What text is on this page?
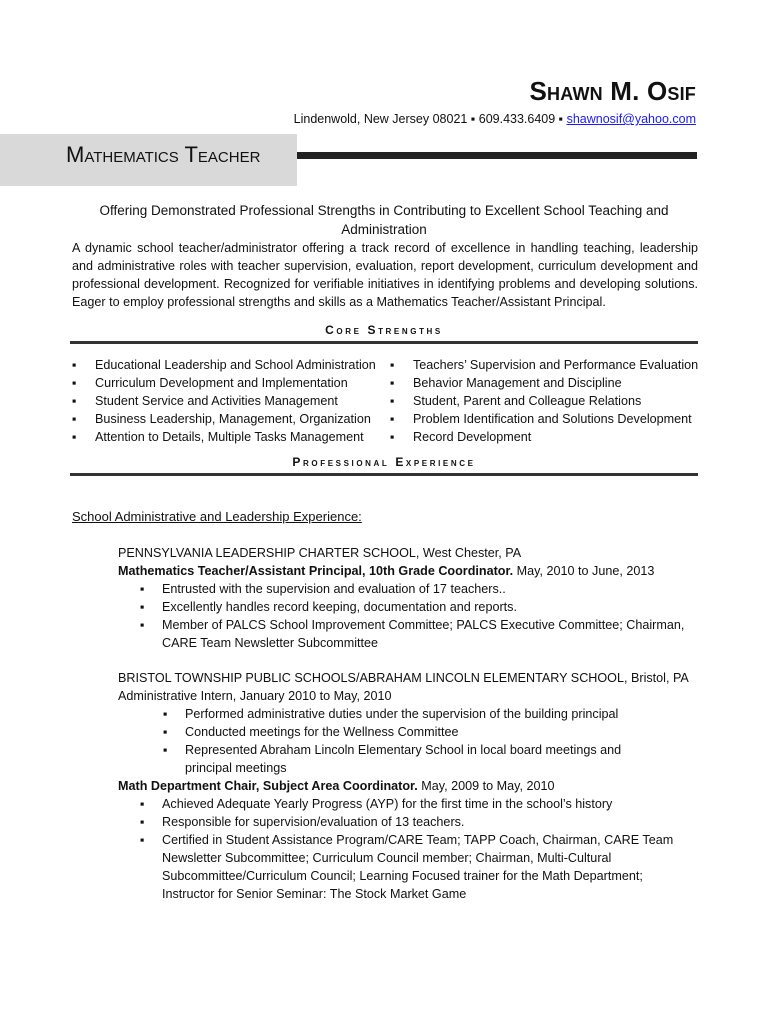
Shawn M. Osif
Lindenwold, New Jersey 08021 ▪ 609.433.6409 ▪ shawnosif@yahoo.com
Mathematics Teacher
Offering Demonstrated Professional Strengths in Contributing to Excellent School Teaching and Administration
A dynamic school teacher/administrator offering a track record of excellence in handling teaching, leadership and administrative roles with teacher supervision, evaluation, report development, curriculum development and professional development. Recognized for verifiable initiatives in identifying problems and developing solutions. Eager to employ professional strengths and skills as a Mathematics Teacher/Assistant Principal.
Core Strengths
▪	Educational Leadership and School Administration
▪	Curriculum Development and Implementation
▪	Student Service and Activities Management
▪	Business Leadership, Management, Organization
▪	Attention to Details, Multiple Tasks Management
▪	Teachers’ Supervision and Performance Evaluation
▪	Behavior Management and Discipline
▪	Student, Parent and Colleague Relations
▪	Problem Identification and Solutions Development
▪	Record Development
Professional Experience
School Administrative and Leadership Experience:
PENNSYLVANIA LEADERSHIP CHARTER SCHOOL, West Chester, PA
Mathematics Teacher/Assistant Principal, 10th Grade Coordinator. May, 2010 to June, 2013
▪	Entrusted with the supervision and evaluation of 17 teachers..
▪	Excellently handles record keeping, documentation and reports.
▪	Member of PALCS School Improvement Committee; PALCS Executive Committee; Chairman, CARE Team Newsletter Subcommittee
BRISTOL TOWNSHIP PUBLIC SCHOOLS/ABRAHAM LINCOLN ELEMENTARY SCHOOL, Bristol, PA
Administrative Intern, January 2010 to May, 2010
▪	Performed administrative duties under the supervision of the building principal
▪	Conducted meetings for the Wellness Committee
▪	Represented Abraham Lincoln Elementary School in local board meetings and principal meetings
Math Department Chair, Subject Area Coordinator. May, 2009 to May, 2010
▪	Achieved Adequate Yearly Progress (AYP) for the first time in the school’s history
▪	Responsible for supervision/evaluation of 13 teachers.
▪	Certified in Student Assistance Program/CARE Team; TAPP Coach, Chairman, CARE Team Newsletter Subcommittee; Curriculum Council member; Chairman, Multi-Cultural Subcommittee/Curriculum Council; Learning Focused trainer for the Math Department; Instructor for Senior Seminar: The Stock Market Game
